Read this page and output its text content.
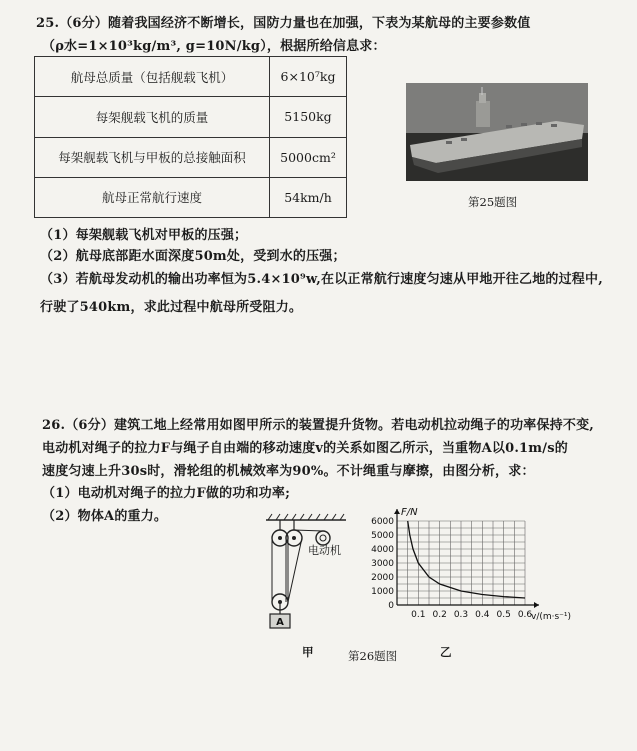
25.（6分）随着我国经济不断增长，国防力量也在加强，下表为某航母的主要参数值
（ρ水=1×10³kg/m³, g=10N/kg），根据所给信息求：
航母总质量（包括舰载飞机）	6×10⁷kg
每架舰载飞机的质量	5150kg
每架舰载飞机与甲板的总接触面积	5000cm²
航母正常航行速度	54km/h	第25题图
（1）每架舰载飞机对甲板的压强；
（2）航母底部距水面深度50m处，受到水的压强；
（3）若航母发动机的输出功率恒为5.4×10⁹w,在以正常航行速度匀速从甲地开往乙地的过程中,
行驶了540km，求此过程中航母所受阻力。
26.（6分）建筑工地上经常用如图甲所示的装置提升货物。若电动机拉动绳子的功率保持不变,
电动机对绳子的拉力F与绳子自由端的移动速度v的关系如图乙所示，当重物A以0.1m/s的
速度匀速上升30s时，滑轮组的机械效率为90%。不计绳重与摩擦，由图分析，求：
（1）电动机对绳子的拉力F做的功和功率;
（2）物体A的重力。
A
电动机
0
1000
2000
3000
4000
5000
6000
0.1 0.2 0.3 0.4 0.5 0.6
F/N
v/(m·s⁻¹)
甲	第26题图	乙
